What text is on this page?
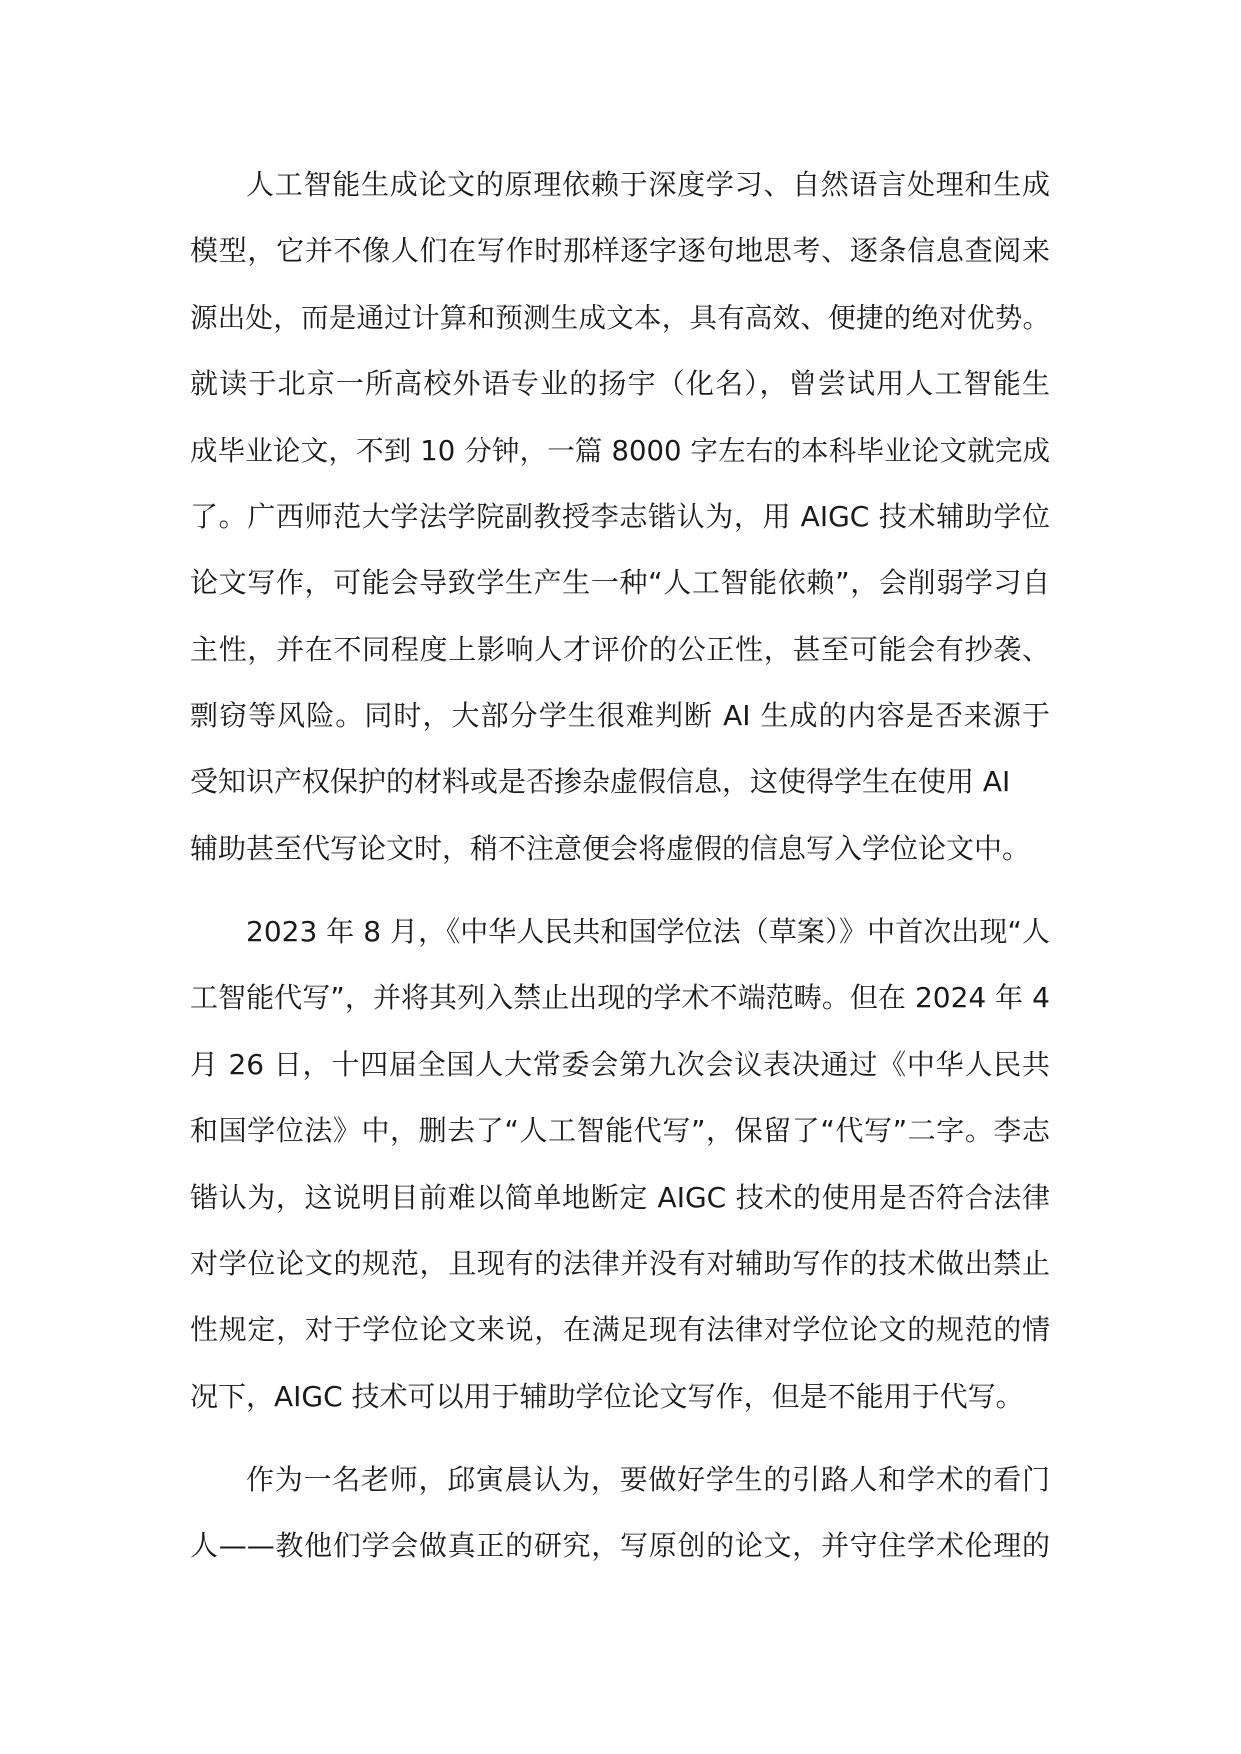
人工智能生成论文的原理依赖于深度学习、自然语言处理和生成
模型，它并不像人们在写作时那样逐字逐句地思考、逐条信息查阅来
源出处，而是通过计算和预测生成文本，具有高效、便捷的绝对优势。
就读于北京一所高校外语专业的扬宇（化名），曾尝试用人工智能生
成毕业论文，不到 10 分钟，一篇 8000 字左右的本科毕业论文就完成
了。广西师范大学法学院副教授李志锴认为，用 AIGC 技术辅助学位
论文写作，可能会导致学生产生一种“人工智能依赖”，会削弱学习自
主性，并在不同程度上影响人才评价的公正性，甚至可能会有抄袭、
剽窃等风险。同时，大部分学生很难判断 AI 生成的内容是否来源于
受知识产权保护的材料或是否掺杂虚假信息，这使得学生在使用 AI
辅助甚至代写论文时，稍不注意便会将虚假的信息写入学位论文中。
2023 年 8 月，《中华人民共和国学位法（草案）》中首次出现“人
工智能代写”，并将其列入禁止出现的学术不端范畴。但在 2024 年 4
月 26 日，十四届全国人大常委会第九次会议表决通过《中华人民共
和国学位法》中，删去了“人工智能代写”，保留了“代写”二字。李志
锴认为，这说明目前难以简单地断定 AIGC 技术的使用是否符合法律
对学位论文的规范，且现有的法律并没有对辅助写作的技术做出禁止
性规定，对于学位论文来说，在满足现有法律对学位论文的规范的情
况下，AIGC 技术可以用于辅助学位论文写作，但是不能用于代写。
作为一名老师，邱寅晨认为，要做好学生的引路人和学术的看门
人——教他们学会做真正的研究，写原创的论文，并守住学术伦理的
